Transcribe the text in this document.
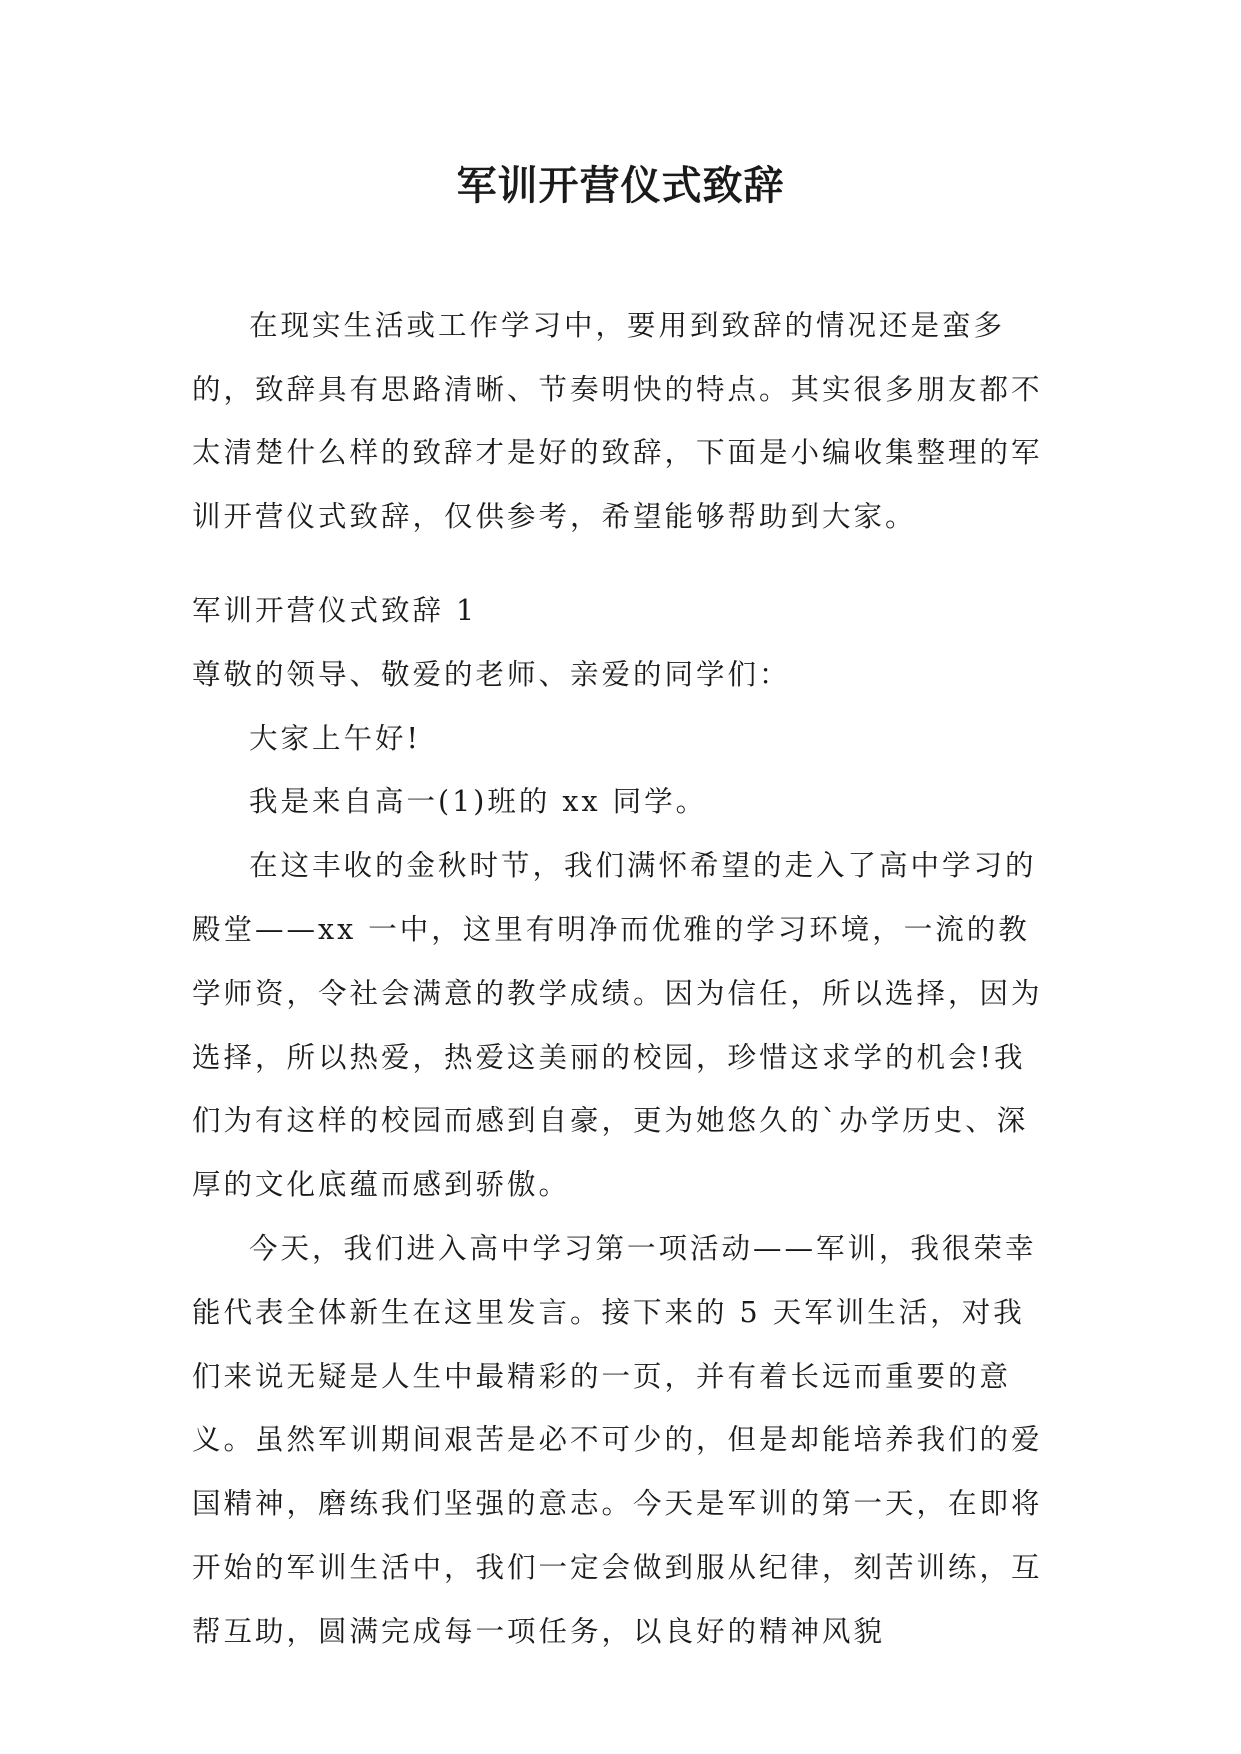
军训开营仪式致辞

在现实生活或工作学习中，要用到致辞的情况还是蛮多的，致辞具有思路清晰、节奏明快的特点。其实很多朋友都不太清楚什么样的致辞才是好的致辞，下面是小编收集整理的军训开营仪式致辞，仅供参考，希望能够帮助到大家。

军训开营仪式致辞 1

尊敬的领导、敬爱的老师、亲爱的同学们：

大家上午好!

我是来自高一(1)班的 xx 同学。

在这丰收的金秋时节，我们满怀希望的走入了高中学习的殿堂——xx 一中，这里有明净而优雅的学习环境，一流的教学师资，令社会满意的教学成绩。因为信任，所以选择，因为选择，所以热爱，热爱这美丽的校园，珍惜这求学的机会!我们为有这样的校园而感到自豪，更为她悠久的`办学历史、深厚的文化底蕴而感到骄傲。

今天，我们进入高中学习第一项活动——军训，我很荣幸能代表全体新生在这里发言。接下来的 5 天军训生活，对我们来说无疑是人生中最精彩的一页，并有着长远而重要的意义。虽然军训期间艰苦是必不可少的，但是却能培养我们的爱国精神，磨练我们坚强的意志。今天是军训的第一天，在即将开始的军训生活中，我们一定会做到服从纪律，刻苦训练，互帮互助，圆满完成每一项任务，以良好的精神风貌
